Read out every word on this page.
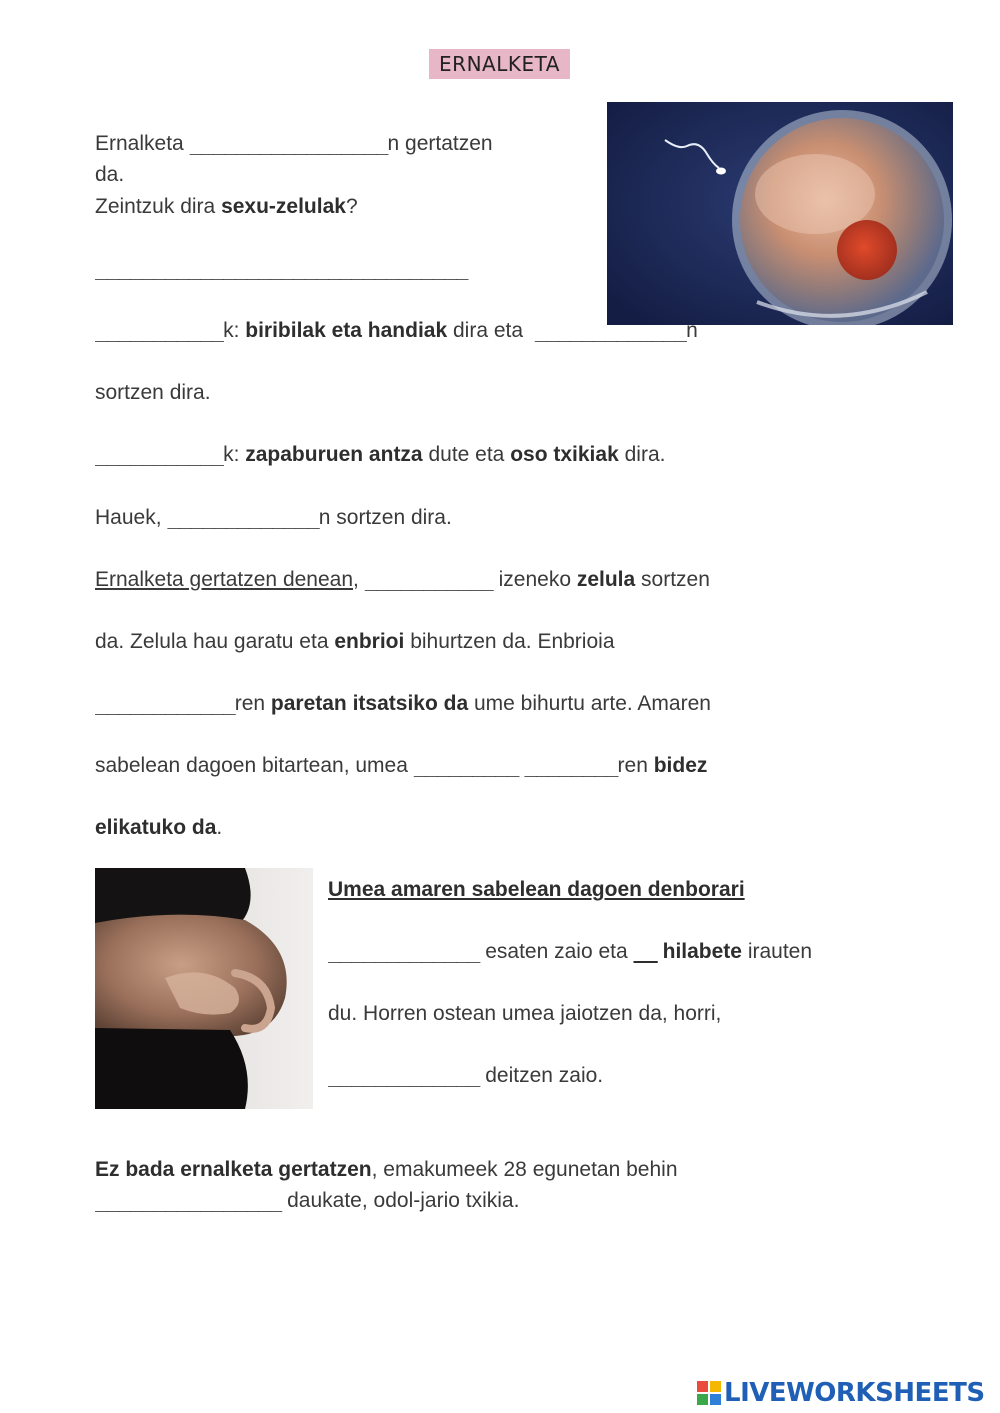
ERNALKETA
Ernalketa _________________n gertatzen
da.
Zeintzuk dira sexu-zelulak?
________________________________
___________k: biribilak eta handiak dira eta  _____________n
sortzen dira.
___________k: zapaburuen antza dute eta oso txikiak dira.
Hauek, _____________n sortzen dira.
Ernalketa gertatzen denean, ___________ izeneko zelula sortzen
da. Zelula hau garatu eta enbrioi bihurtzen da. Enbrioia
____________ren paretan itsatsiko da ume bihurtu arte. Amaren
sabelean dagoen bitartean, umea _________ ________ren bidez
elikatuko da.
Umea amaren sabelean dagoen denborari
_____________ esaten zaio eta __ hilabete irauten
du. Horren ostean umea jaiotzen da, horri,
_____________ deitzen zaio.
Ez bada ernalketa gertatzen, emakumeek 28 egunetan behin
________________ daukate, odol-jario txikia.
LIVEWORKSHEETS
